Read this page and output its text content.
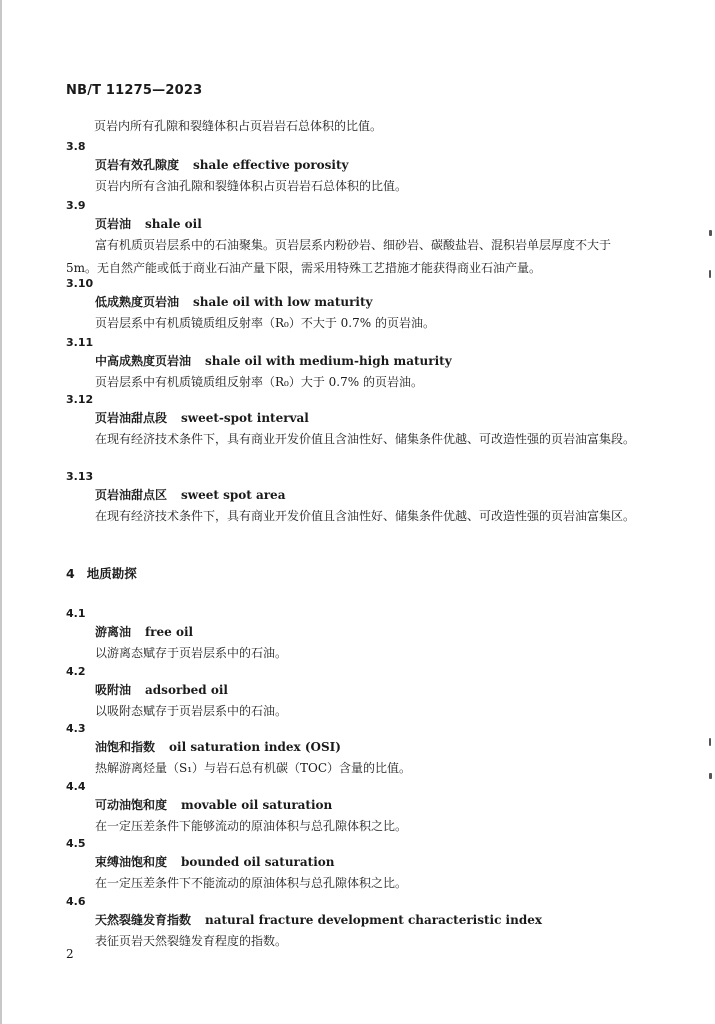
NB/T 11275—2023
页岩内所有孔隙和裂缝体积占页岩岩石总体积的比值。
3.8
页岩有效孔隙度 shale effective porosity
页岩内所有含油孔隙和裂缝体积占页岩岩石总体积的比值。
3.9
页岩油 shale oil
富有机质页岩层系中的石油聚集。页岩层系内粉砂岩、细砂岩、碳酸盐岩、混积岩单层厚度不大于 5m。无自然产能或低于商业石油产量下限，需采用特殊工艺措施才能获得商业石油产量。
3.10
低成熟度页岩油 shale oil with low maturity
页岩层系中有机质镜质组反射率（R₀）不大于 0.7% 的页岩油。
3.11
中高成熟度页岩油 shale oil with medium-high maturity
页岩层系中有机质镜质组反射率（R₀）大于 0.7% 的页岩油。
3.12
页岩油甜点段 sweet-spot interval
在现有经济技术条件下，具有商业开发价值且含油性好、储集条件优越、可改造性强的页岩油富集段。
3.13
页岩油甜点区 sweet spot area
在现有经济技术条件下，具有商业开发价值且含油性好、储集条件优越、可改造性强的页岩油富集区。
4 地质勘探
4.1
游离油 free oil
以游离态赋存于页岩层系中的石油。
4.2
吸附油 adsorbed oil
以吸附态赋存于页岩层系中的石油。
4.3
油饱和指数 oil saturation index (OSI)
热解游离烃量（S₁）与岩石总有机碳（TOC）含量的比值。
4.4
可动油饱和度 movable oil saturation
在一定压差条件下能够流动的原油体积与总孔隙体积之比。
4.5
束缚油饱和度 bounded oil saturation
在一定压差条件下不能流动的原油体积与总孔隙体积之比。
4.6
天然裂缝发育指数 natural fracture development characteristic index
表征页岩天然裂缝发育程度的指数。
2
